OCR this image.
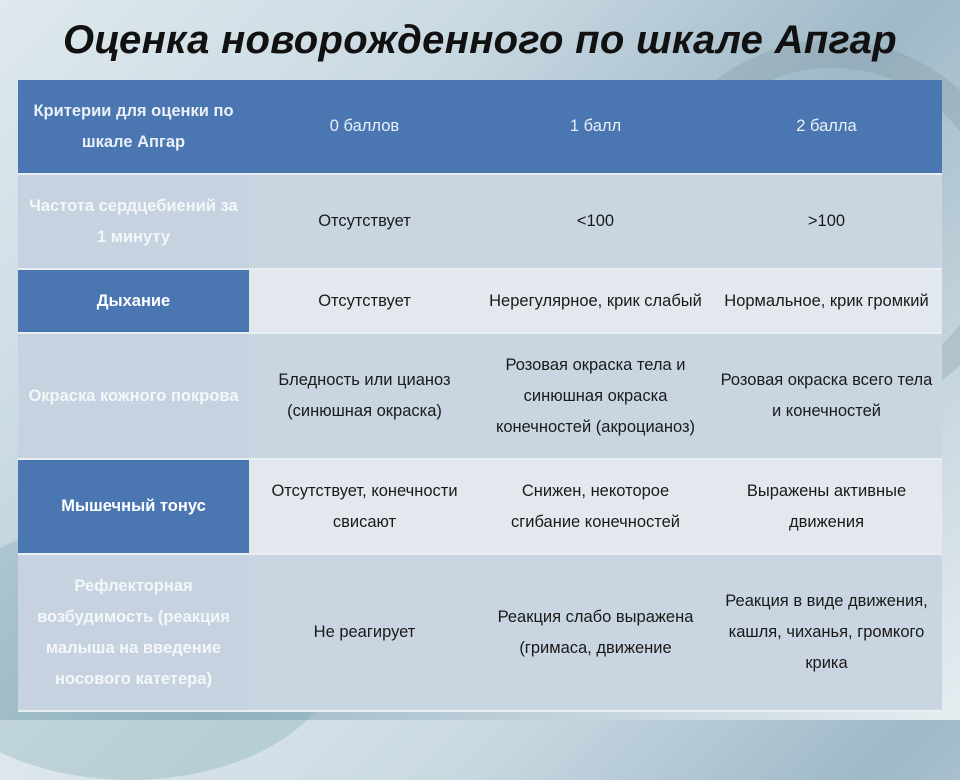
Оценка новорожденного по шкале Апгар
Критерии для оценки по шкале Апгар	0 баллов	1 балл	2 балла
Частота сердцебиений за 1 минуту	Отсутствует	<100	>100
Дыхание	Отсутствует	Нерегулярное, крик слабый	Нормальное, крик громкий
Окраска кожного покрова	Бледность или цианоз (синюшная окраска)	Розовая окраска тела и синюшная окраска конечностей (акроцианоз)	Розовая окраска всего тела и конечностей
Мышечный тонус	Отсутствует, конечности свисают	Снижен, некоторое сгибание конечностей	Выражены активные движения
Рефлекторная возбудимость (реакция малыша на введение носового катетера)	Не реагирует	Реакция слабо выражена (гримаса, движение	Реакция в виде движения, кашля, чиханья, громкого крика
